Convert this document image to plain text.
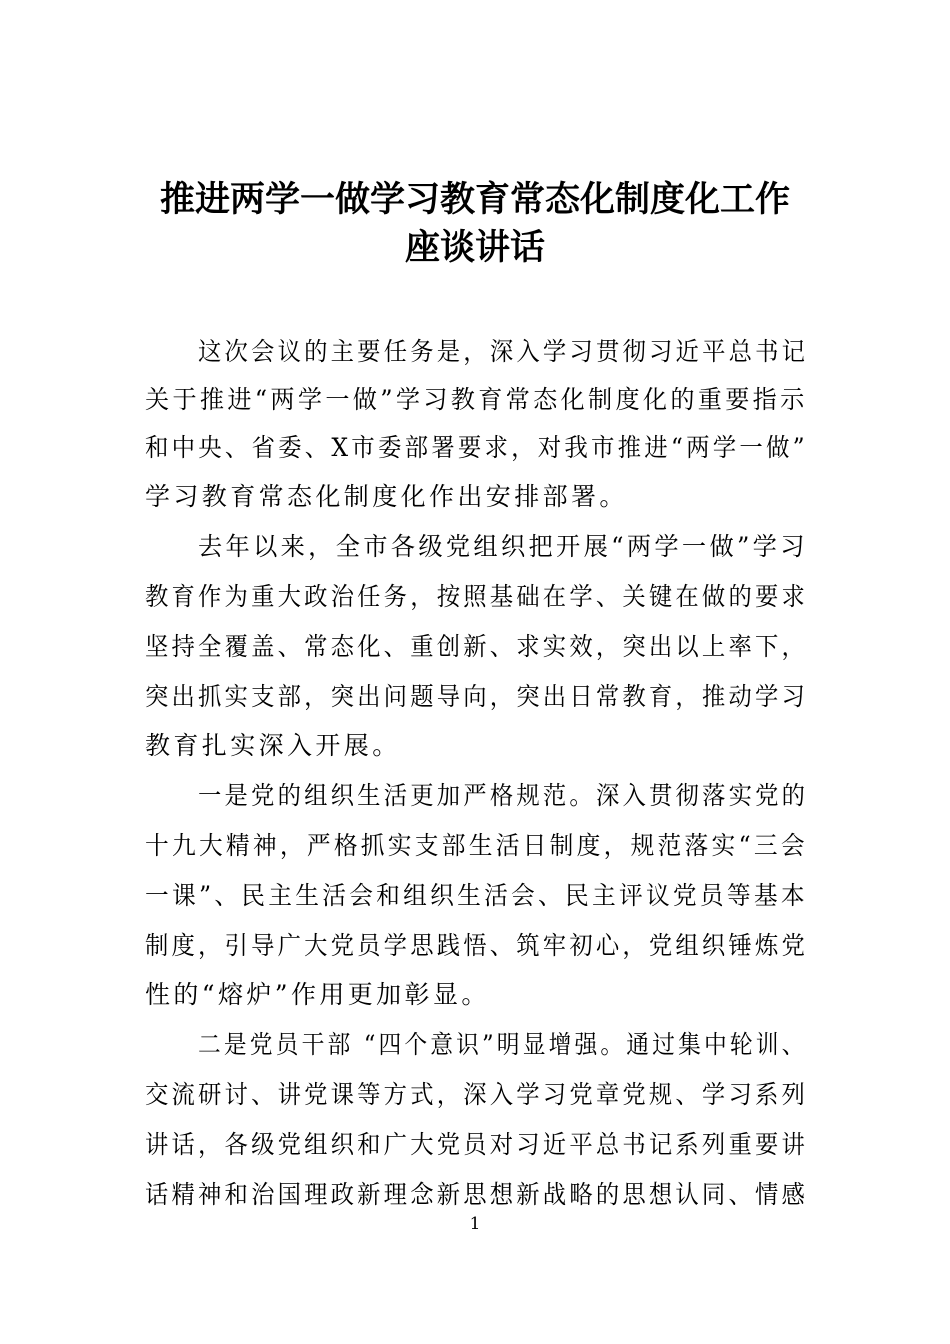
推进两学一做学习教育常态化制度化工作
座谈讲话
这次会议的主要任务是，深入学习贯彻习近平总书记
关于推进“两学一做”学习教育常态化制度化的重要指示
和中央、省委、X市委部署要求，对我市推进“两学一做”
学习教育常态化制度化作出安排部署。
去年以来，全市各级党组织把开展“两学一做”学习
教育作为重大政治任务，按照基础在学、关键在做的要求
坚持全覆盖、常态化、重创新、求实效，突出以上率下，
突出抓实支部，突出问题导向，突出日常教育，推动学习
教育扎实深入开展。
一是党的组织生活更加严格规范。深入贯彻落实党的
十九大精神，严格抓实支部生活日制度，规范落实“三会
一课”、民主生活会和组织生活会、民主评议党员等基本
制度，引导广大党员学思践悟、筑牢初心，党组织锤炼党
性的“熔炉”作用更加彰显。
二是党员干部 “四个意识”明显增强。通过集中轮训、
交流研讨、讲党课等方式，深入学习党章党规、学习系列
讲话，各级党组织和广大党员对习近平总书记系列重要讲
话精神和治国理政新理念新思想新战略的思想认同、情感
1
